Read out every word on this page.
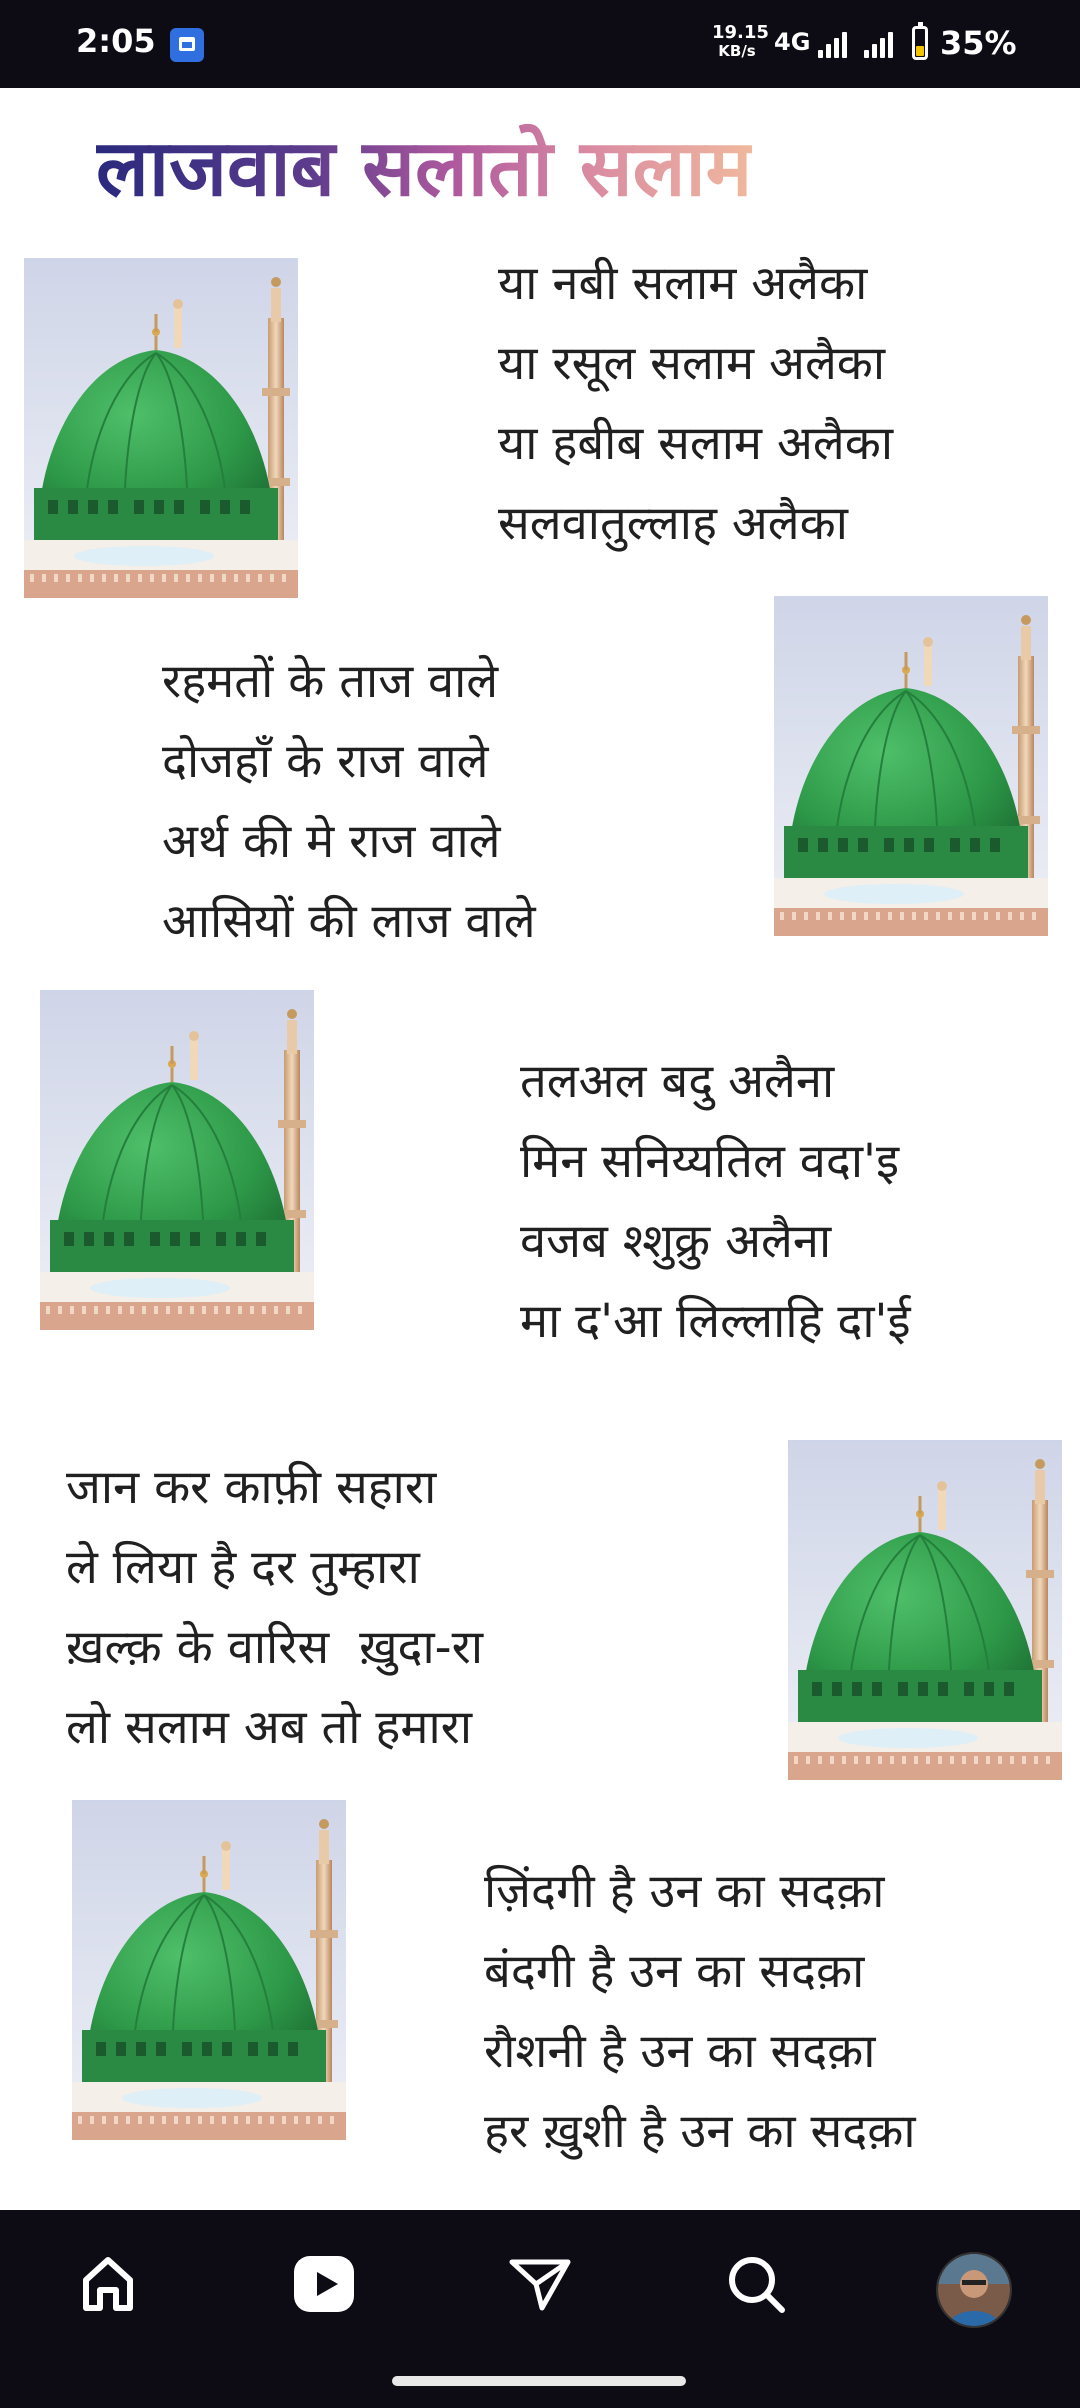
2:05	19.15
KB/s 4G	35%
लाजवाब सलातो सलाम
या नबी सलाम अलैका
या रसूल सलाम अलैका
या हबीब सलाम अलैका
सलवातुल्लाह अलैका
रहमतों के ताज वाले
दोजहाँ के राज वाले
अर्थ की मे राज वाले
आसियों की लाज वाले
तलअल बदु अलैना
मिन सनिय्यतिल वदा'इ
वजब श्शुक्रु अलैना
मा द'आ लिल्लाहि दा'ई
जान कर काफ़ी सहारा
ले लिया है दर तुम्हारा
ख़ल्क़ के वारिस  ख़ुदा-रा
लो सलाम अब तो हमारा
ज़िंदगी है उन का सदक़ा
बंदगी है उन का सदक़ा
रौशनी है उन का सदक़ा
हर ख़ुशी है उन का सदक़ा
